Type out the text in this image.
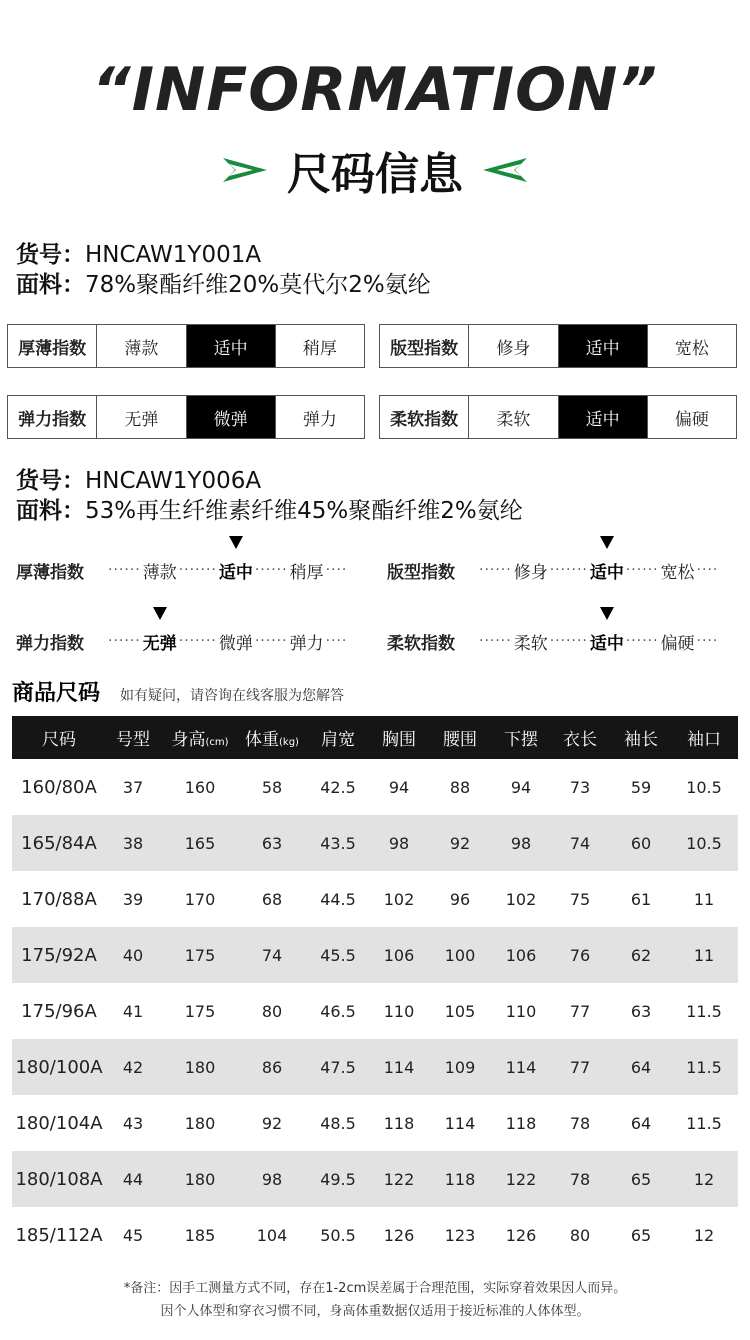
“INFORMATION”
尺码信息
货号：HNCAW1Y001A
面料：78%聚酯纤维20%莫代尔2%氨纶
厚薄指数	薄款	适中	稍厚	版型指数	修身	适中	宽松
弹力指数	无弹	微弹	弹力	柔软指数	柔软	适中	偏硬
货号：HNCAW1Y006A
面料：53%再生纤维素纤维45%聚酯纤维2%氨纶
厚薄指数	······ 薄款 ······· 适中 ······ 稍厚 ···· 版型指数	······ 修身 ······· 适中 ······ 宽松 ····
弹力指数	······ 无弹 ······· 微弹 ······ 弹力 ···· 柔软指数	······ 柔软 ······· 适中 ······ 偏硬 ····
商品尺码 如有疑问，请咨询在线客服为您解答
尺码	号型	身高(cm)	体重(kg)	肩宽	胸围	腰围	下摆	衣长	袖长	袖口
160/80A	37	160	58	42.5	94	88	94	73	59	10.5
165/84A	38	165	63	43.5	98	92	98	74	60	10.5
170/88A	39	170	68	44.5	102	96	102	75	61	11
175/92A	40	175	74	45.5	106	100	106	76	62	11
175/96A	41	175	80	46.5	110	105	110	77	63	11.5
180/100A	42	180	86	47.5	114	109	114	77	64	11.5
180/104A	43	180	92	48.5	118	114	118	78	64	11.5
180/108A	44	180	98	49.5	122	118	122	78	65	12
185/112A	45	185	104	50.5	126	123	126	80	65	12
*备注：因手工测量方式不同，存在1-2cm误差属于合理范围，实际穿着效果因人而异。
因个人体型和穿衣习惯不同，身高体重数据仅适用于接近标准的人体体型。
